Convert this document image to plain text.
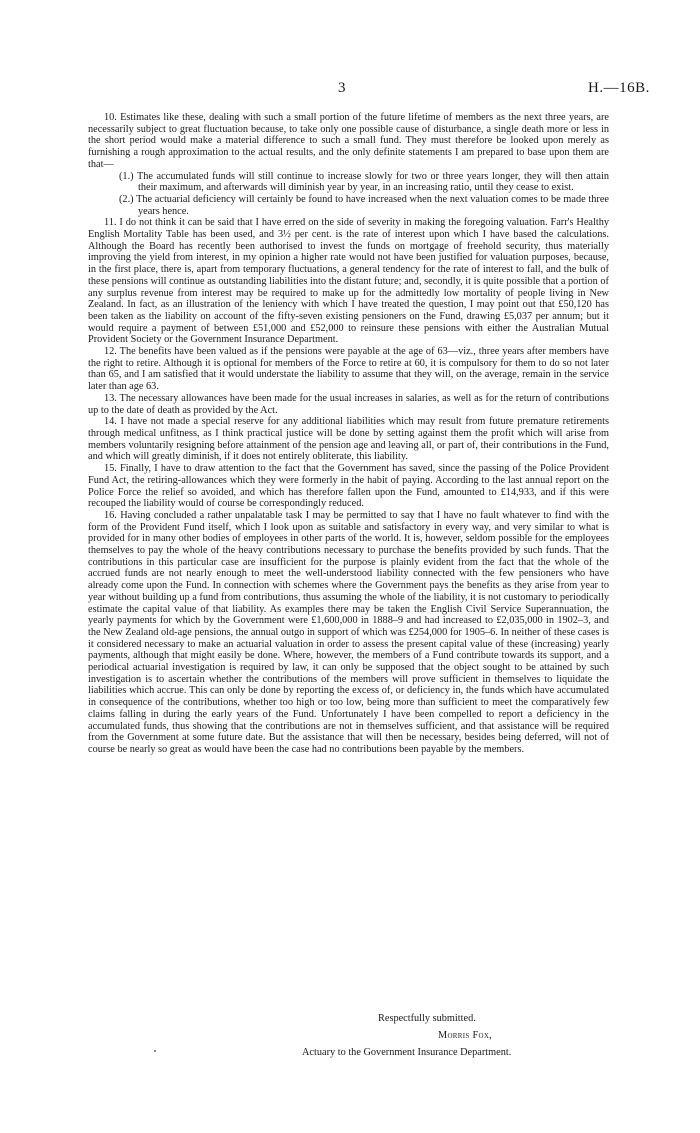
3	H.—16B.

10. Estimates like these, dealing with such a small portion of the future lifetime of members as the next three years, are necessarily subject to great fluctuation because, to take only one possible cause of disturbance, a single death more or less in the short period would make a material difference to such a small fund. They must therefore be looked upon merely as furnishing a rough approximation to the actual results, and the only definite statements I am prepared to base upon them are that—

(1.) The accumulated funds will still continue to increase slowly for two or three years longer, they will then attain their maximum, and afterwards will diminish year by year, in an increasing ratio, until they cease to exist.

(2.) The actuarial deficiency will certainly be found to have increased when the next valuation comes to be made three years hence.

11. I do not think it can be said that I have erred on the side of severity in making the foregoing valuation. Farr's Healthy English Mortality Table has been used, and 3½ per cent. is the rate of interest upon which I have based the calculations. Although the Board has recently been authorised to invest the funds on mortgage of freehold security, thus materially improving the yield from interest, in my opinion a higher rate would not have been justified for valuation purposes, because, in the first place, there is, apart from temporary fluctuations, a general tendency for the rate of interest to fall, and the bulk of these pensions will continue as outstanding liabilities into the distant future; and, secondly, it is quite possible that a portion of any surplus revenue from interest may be required to make up for the admittedly low mortality of people living in New Zealand. In fact, as an illustration of the leniency with which I have treated the question, I may point out that £50,120 has been taken as the liability on account of the fifty-seven existing pensioners on the Fund, drawing £5,037 per annum; but it would require a payment of between £51,000 and £52,000 to reinsure these pensions with either the Australian Mutual Provident Society or the Government Insurance Department.

12. The benefits have been valued as if the pensions were payable at the age of 63—viz., three years after members have the right to retire. Although it is optional for members of the Force to retire at 60, it is compulsory for them to do so not later than 65, and I am satisfied that it would understate the liability to assume that they will, on the average, remain in the service later than age 63.

13. The necessary allowances have been made for the usual increases in salaries, as well as for the return of contributions up to the date of death as provided by the Act.

14. I have not made a special reserve for any additional liabilities which may result from future premature retirements through medical unfitness, as I think practical justice will be done by setting against them the profit which will arise from members voluntarily resigning before attainment of the pension age and leaving all, or part of, their contributions in the Fund, and which will greatly diminish, if it does not entirely obliterate, this liability.

15. Finally, I have to draw attention to the fact that the Government has saved, since the passing of the Police Provident Fund Act, the retiring-allowances which they were formerly in the habit of paying. According to the last annual report on the Police Force the relief so avoided, and which has therefore fallen upon the Fund, amounted to £14,933, and if this were recouped the liability would of course be correspondingly reduced.

16. Having concluded a rather unpalatable task I may be permitted to say that I have no fault whatever to find with the form of the Provident Fund itself, which I look upon as suitable and satisfactory in every way, and very similar to what is provided for in many other bodies of employees in other parts of the world. It is, however, seldom possible for the employees themselves to pay the whole of the heavy contributions necessary to purchase the benefits provided by such funds. That the contributions in this particular case are insufficient for the purpose is plainly evident from the fact that the whole of the accrued funds are not nearly enough to meet the well-understood liability connected with the few pensioners who have already come upon the Fund. In connection with schemes where the Government pays the benefits as they arise from year to year without building up a fund from contributions, thus assuming the whole of the liability, it is not customary to periodically estimate the capital value of that liability. As examples there may be taken the English Civil Service Superannuation, the yearly payments for which by the Government were £1,600,000 in 1888–9 and had increased to £2,035,000 in 1902–3, and the New Zealand old-age pensions, the annual outgo in support of which was £254,000 for 1905–6. In neither of these cases is it considered necessary to make an actuarial valuation in order to assess the present capital value of these (increasing) yearly payments, although that might easily be done. Where, however, the members of a Fund contribute towards its support, and a periodical actuarial investigation is required by law, it can only be supposed that the object sought to be attained by such investigation is to ascertain whether the contributions of the members will prove sufficient in themselves to liquidate the liabilities which accrue. This can only be done by reporting the excess of, or deficiency in, the funds which have accumulated in consequence of the contributions, whether too high or too low, being more than sufficient to meet the comparatively few claims falling in during the early years of the Fund. Unfortunately I have been compelled to report a deficiency in the accumulated funds, thus showing that the contributions are not in themselves sufficient, and that assistance will be required from the Government at some future date. But the assistance that will then be necessary, besides being deferred, will not of course be nearly so great as would have been the case had no contributions been payable by the members.

Respectfully submitted.
Morris Fox,
Actuary to the Government Insurance Department.
